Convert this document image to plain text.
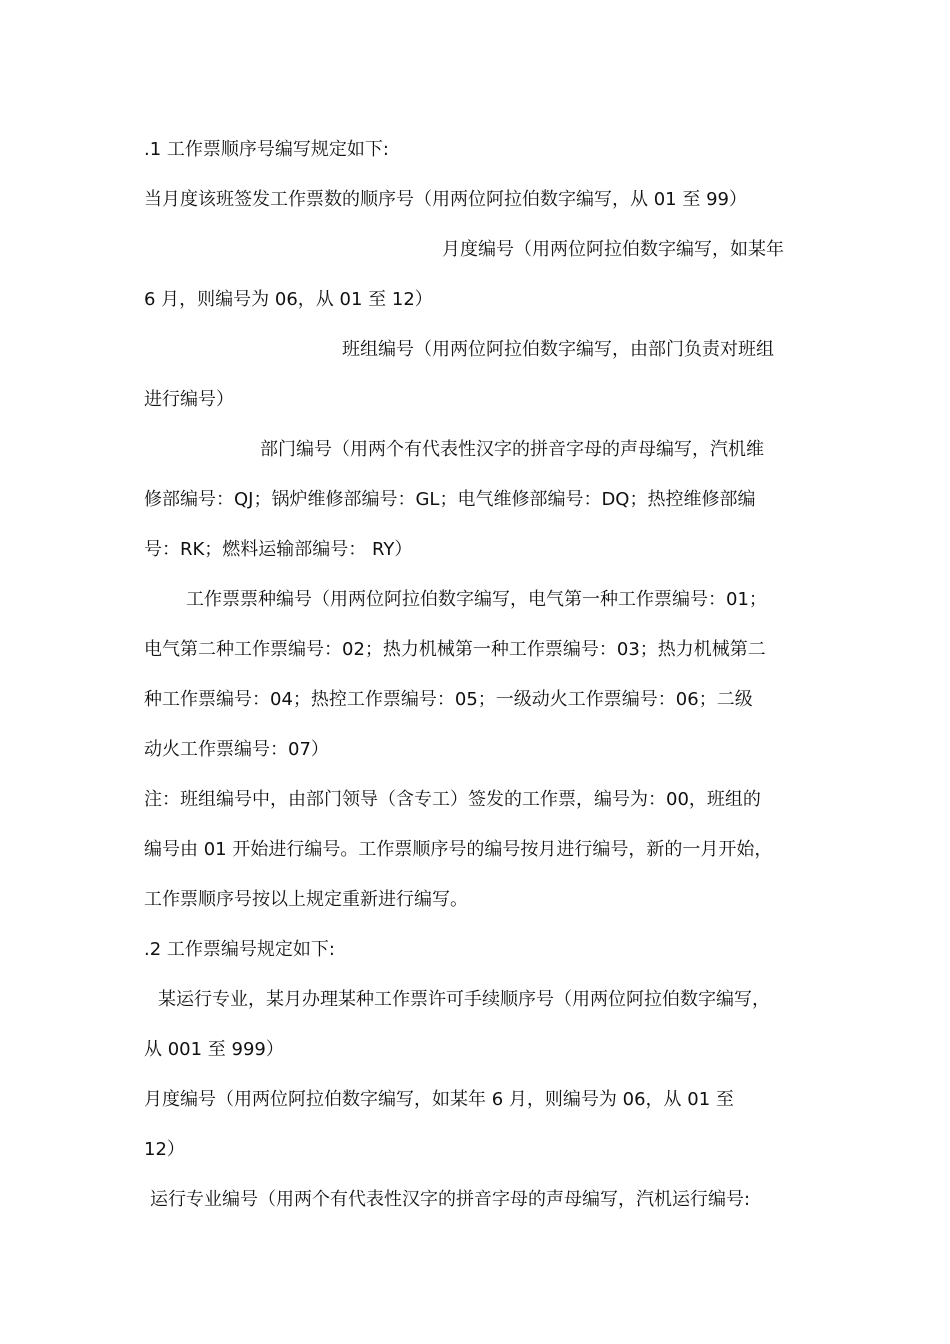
.1 工作票顺序号编写规定如下:
当月度该班签发工作票数的顺序号（用两位阿拉伯数字编写，从 01 至 99）
月度编号（用两位阿拉伯数字编写，如某年
6 月，则编号为 06，从 01 至 12）
班组编号（用两位阿拉伯数字编写，由部门负责对班组
进行编号）
部门编号（用两个有代表性汉字的拼音字母的声母编写，汽机维
修部编号：QJ；锅炉维修部编号：GL；电气维修部编号：DQ；热控维修部编
号：RK；燃料运输部编号： RY）
工作票票种编号（用两位阿拉伯数字编写，电气第一种工作票编号：01；
电气第二种工作票编号：02；热力机械第一种工作票编号：03；热力机械第二
种工作票编号：04；热控工作票编号：05；一级动火工作票编号：06；二级
动火工作票编号：07）
注：班组编号中，由部门领导（含专工）签发的工作票，编号为：00，班组的
编号由 01 开始进行编号。工作票顺序号的编号按月进行编号，新的一月开始，
工作票顺序号按以上规定重新进行编写。
.2 工作票编号规定如下:
某运行专业，某月办理某种工作票许可手续顺序号（用两位阿拉伯数字编写，
从 001 至 999）
月度编号（用两位阿拉伯数字编写，如某年 6 月，则编号为 06，从 01 至
12）
运行专业编号（用两个有代表性汉字的拼音字母的声母编写，汽机运行编号:
